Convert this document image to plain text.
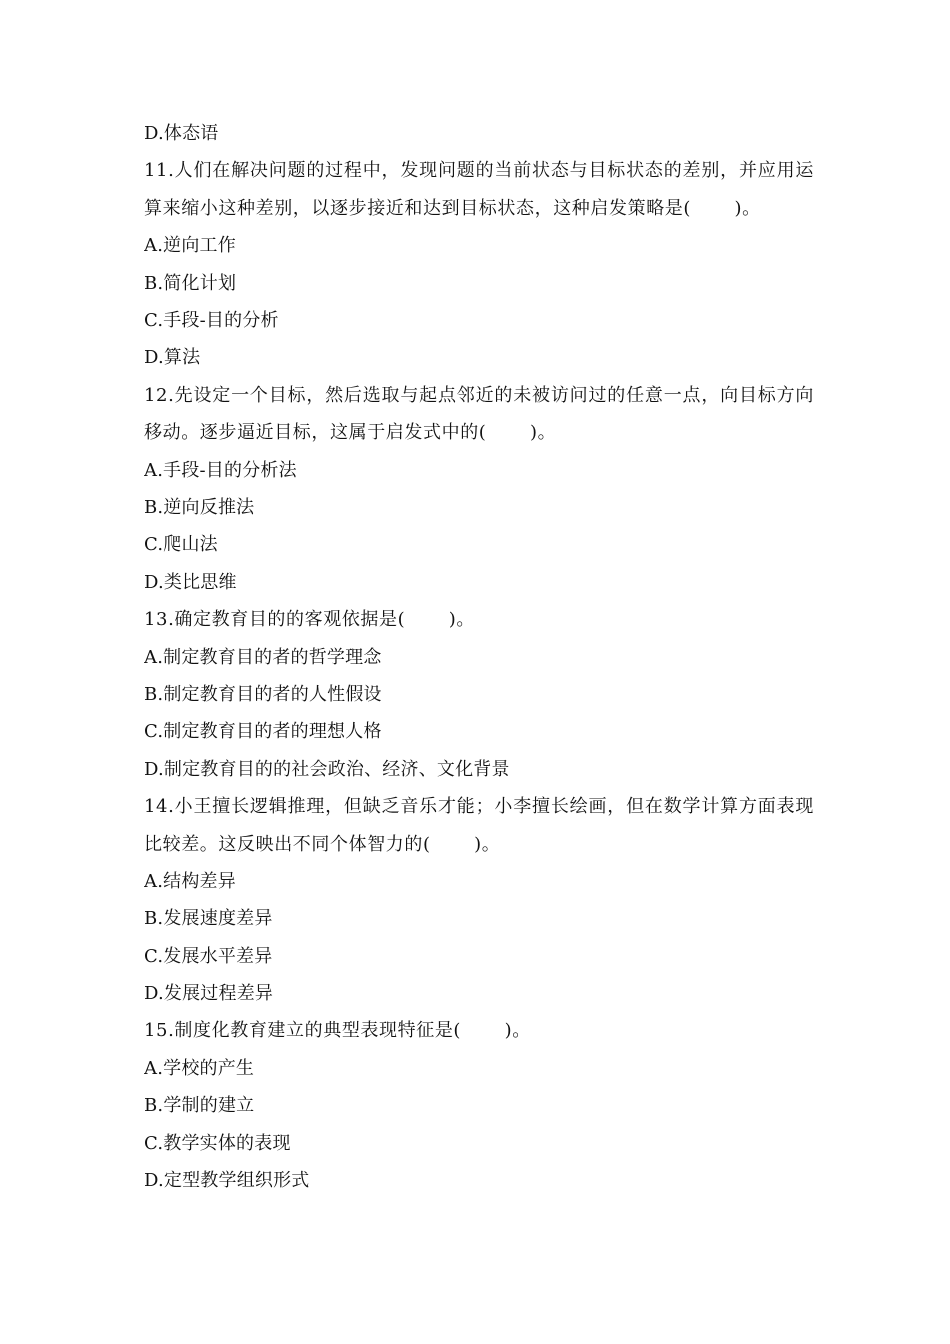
D.体态语
11.人们在解决问题的过程中，发现问题的当前状态与目标状态的差别，并应用运算来缩小这种差别，以逐步接近和达到目标状态，这种启发策略是(　　 )。
A.逆向工作
B.简化计划
C.手段-目的分析
D.算法
12.先设定一个目标，然后选取与起点邻近的未被访问过的任意一点，向目标方向移动。逐步逼近目标，这属于启发式中的(　　 )。
A.手段-目的分析法
B.逆向反推法
C.爬山法
D.类比思维
13.确定教育目的的客观依据是(　　 )。
A.制定教育目的者的哲学理念
B.制定教育目的者的人性假设
C.制定教育目的者的理想人格
D.制定教育目的的社会政治、经济、文化背景
14.小王擅长逻辑推理，但缺乏音乐才能；小李擅长绘画，但在数学计算方面表现比较差。这反映出不同个体智力的(　　 )。
A.结构差异
B.发展速度差异
C.发展水平差异
D.发展过程差异
15.制度化教育建立的典型表现特征是(　　 )。
A.学校的产生
B.学制的建立
C.教学实体的表现
D.定型教学组织形式
